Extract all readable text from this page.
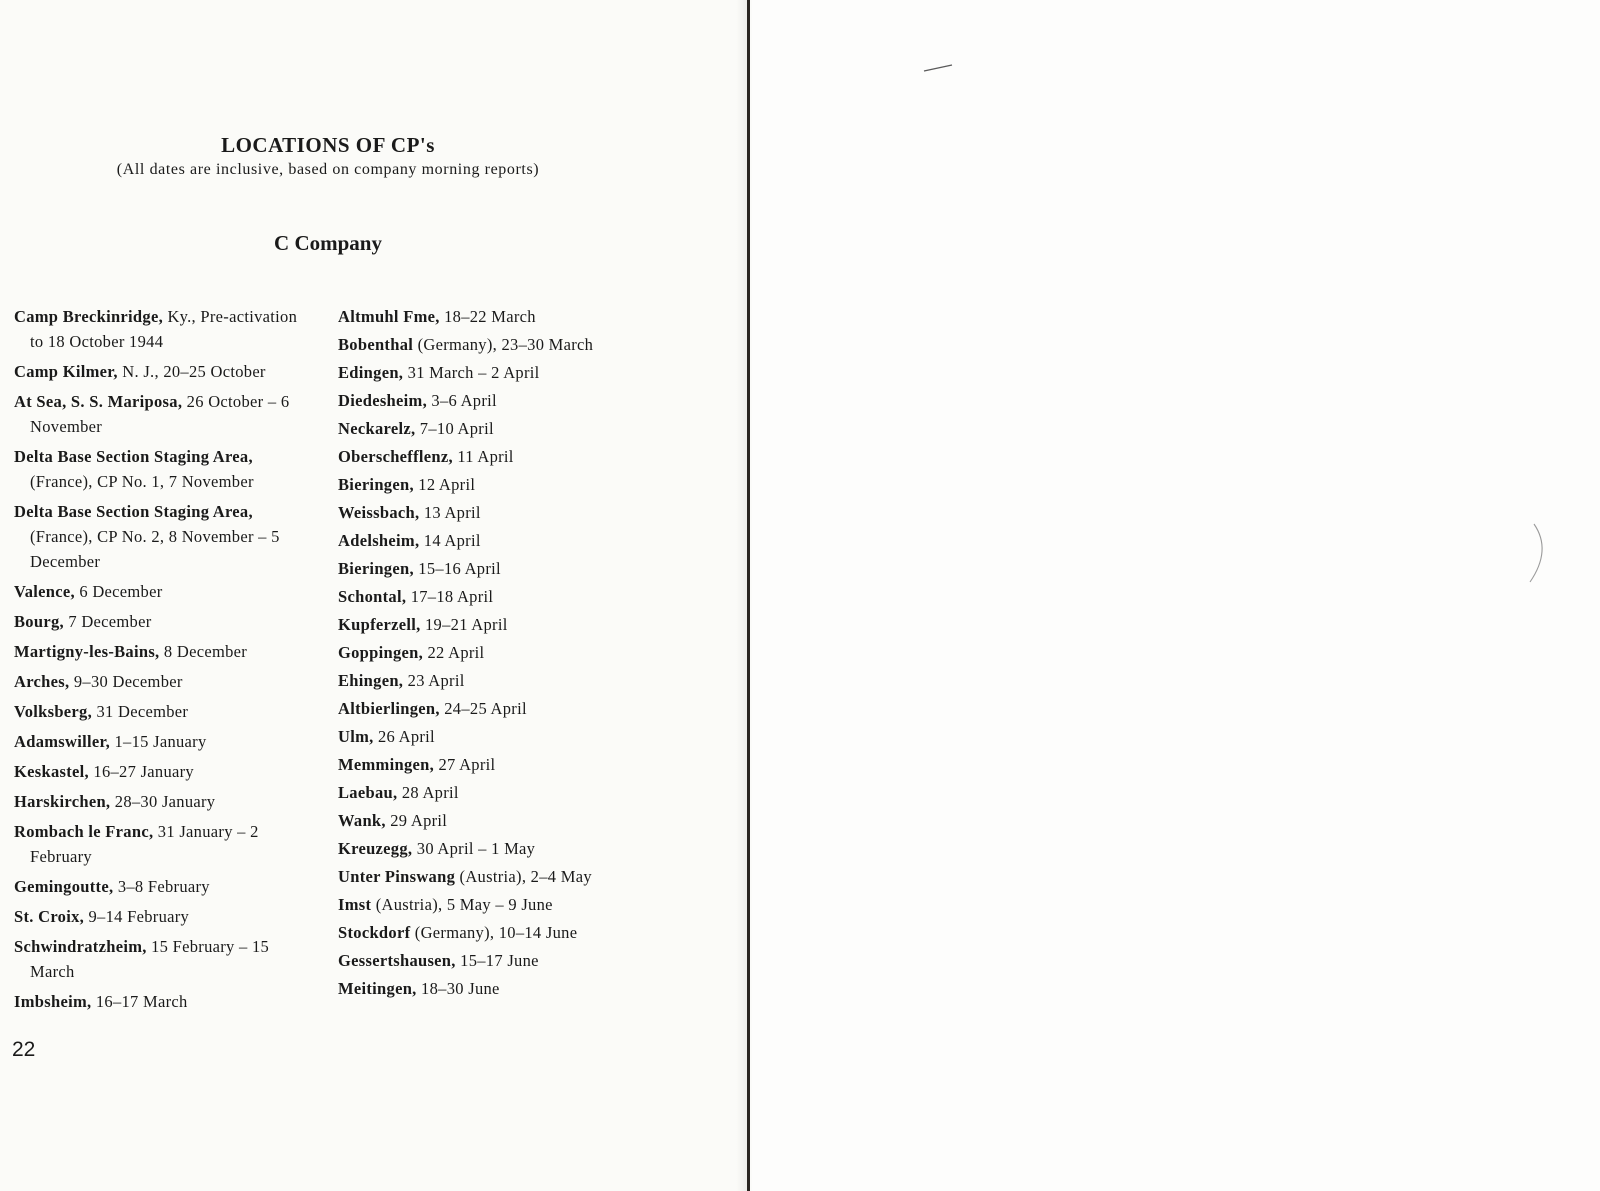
LOCATIONS OF CP's

(All dates are inclusive, based on company morning reports)

C Company
Camp Breckinridge, Ky., Pre-activation to 18 October 1944
Camp Kilmer, N. J., 20–25 October
At Sea, S. S. Mariposa, 26 October – 6 November
Delta Base Section Staging Area, (France), CP No. 1, 7 November
Delta Base Section Staging Area, (France), CP No. 2, 8 November – 5 December
Valence, 6 December
Bourg, 7 December
Martigny-les-Bains, 8 December
Arches, 9–30 December
Volksberg, 31 December
Adamswiller, 1–15 January
Keskastel, 16–27 January
Harskirchen, 28–30 January
Rombach le Franc, 31 January – 2 February
Gemingoutte, 3–8 February
St. Croix, 9–14 February
Schwindratzheim, 15 February – 15 March
Imbsheim, 16–17 March
Altmuhl Fme, 18–22 March
Bobenthal (Germany), 23–30 March
Edingen, 31 March – 2 April
Diedesheim, 3–6 April
Neckarelz, 7–10 April
Oberschefflenz, 11 April
Bieringen, 12 April
Weissbach, 13 April
Adelsheim, 14 April
Bieringen, 15–16 April
Schontal, 17–18 April
Kupferzell, 19–21 April
Goppingen, 22 April
Ehingen, 23 April
Altbierlingen, 24–25 April
Ulm, 26 April
Memmingen, 27 April
Laebau, 28 April
Wank, 29 April
Kreuzegg, 30 April – 1 May
Unter Pinswang (Austria), 2–4 May
Imst (Austria), 5 May – 9 June
Stockdorf (Germany), 10–14 June
Gessertshausen, 15–17 June
Meitingen, 18–30 June

22
